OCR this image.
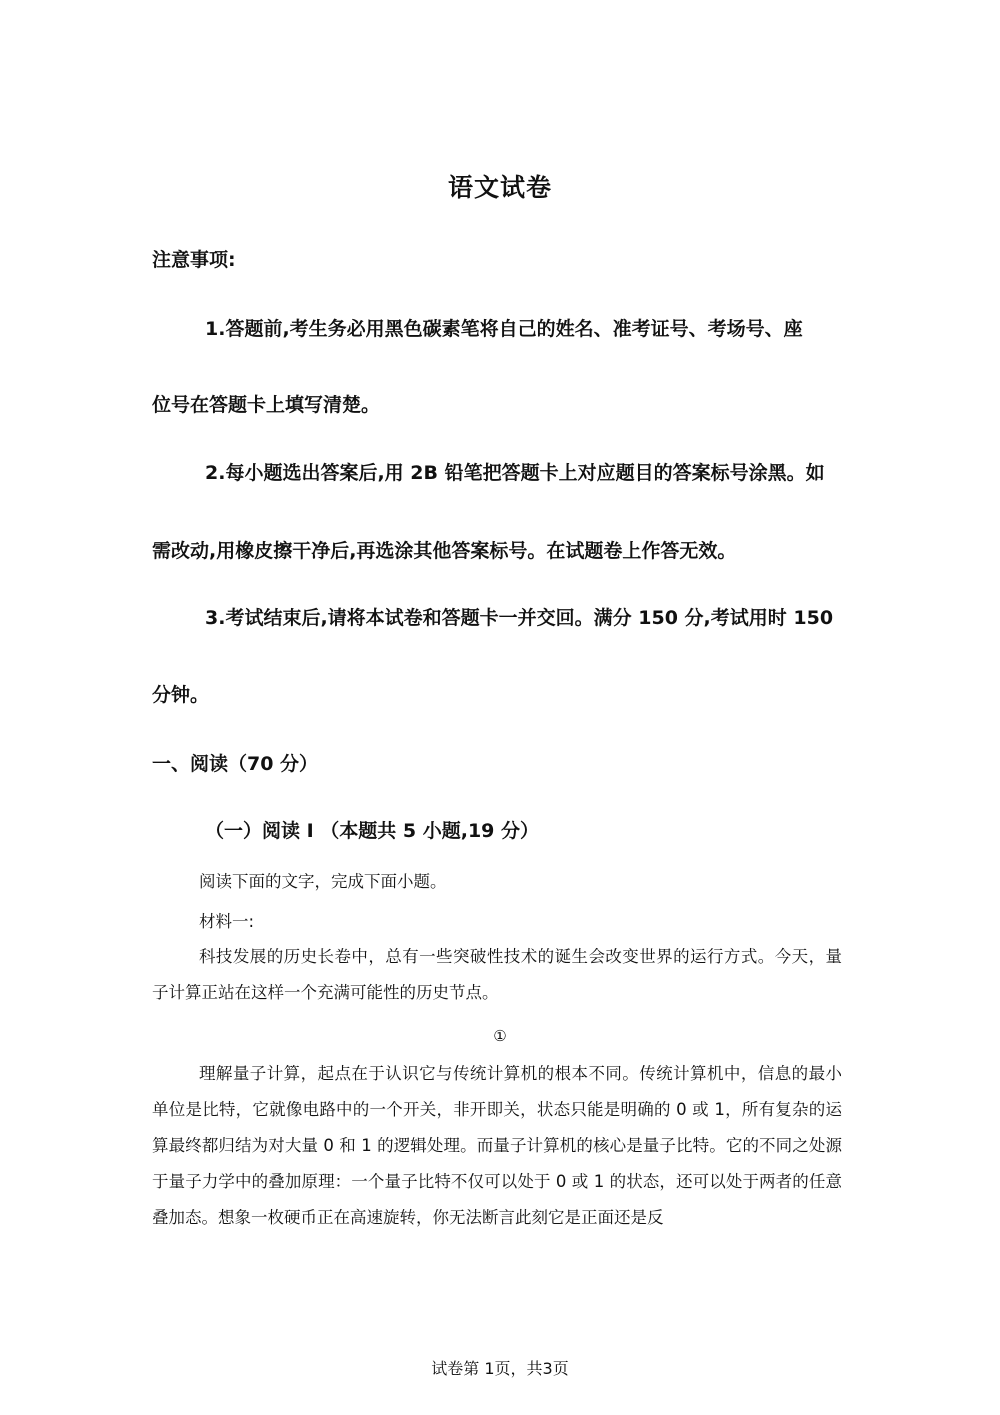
语文试卷
注意事项:
1.答题前,考生务必用黑色碳素笔将自己的姓名、准考证号、考场号、座
位号在答题卡上填写清楚。
2.每小题选出答案后,用 2B 铅笔把答题卡上对应题目的答案标号涂黑。如
需改动,用橡皮擦干净后,再选涂其他答案标号。在试题卷上作答无效。
3.考试结束后,请将本试卷和答题卡一并交回。满分 150 分,考试用时 150
分钟。
一、阅读（70 分）
（一）阅读 I （本题共 5 小题,19 分）
阅读下面的文字，完成下面小题。
材料一:
科技发展的历史长卷中，总有一些突破性技术的诞生会改变世界的运行方式。今天，量子计算正站在这样一个充满可能性的历史节点。
①
理解量子计算，起点在于认识它与传统计算机的根本不同。传统计算机中，信息的最小单位是比特，它就像电路中的一个开关，非开即关，状态只能是明确的 0 或 1，所有复杂的运算最终都归结为对大量 0 和 1 的逻辑处理。而量子计算机的核心是量子比特。它的不同之处源于量子力学中的叠加原理：一个量子比特不仅可以处于 0 或 1 的状态，还可以处于两者的任意叠加态。想象一枚硬币正在高速旋转，你无法断言此刻它是正面还是反
试卷第 1页，共3页
